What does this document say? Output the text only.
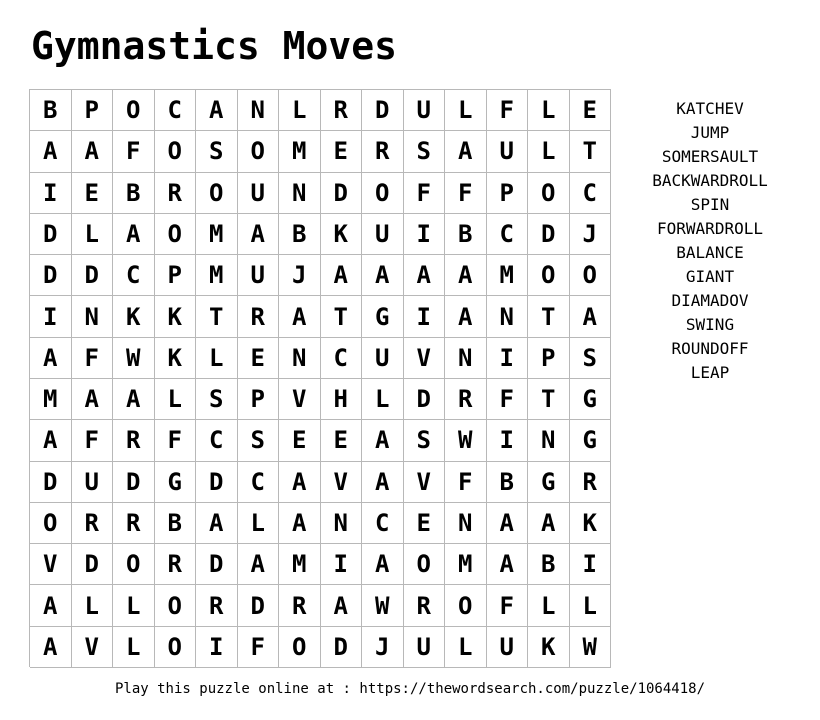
Gymnastics Moves
B	P	O	C	A	N	L	R	D	U	L	F	L	E
A	A	F	O	S	O	M	E	R	S	A	U	L	T
I	E	B	R	O	U	N	D	O	F	F	P	O	C
D	L	A	O	M	A	B	K	U	I	B	C	D	J
D	D	C	P	M	U	J	A	A	A	A	M	O	O
I	N	K	K	T	R	A	T	G	I	A	N	T	A
A	F	W	K	L	E	N	C	U	V	N	I	P	S
M	A	A	L	S	P	V	H	L	D	R	F	T	G
A	F	R	F	C	S	E	E	A	S	W	I	N	G
D	U	D	G	D	C	A	V	A	V	F	B	G	R
O	R	R	B	A	L	A	N	C	E	N	A	A	K
V	D	O	R	D	A	M	I	A	O	M	A	B	I
A	L	L	O	R	D	R	A	W	R	O	F	L	L
A	V	L	O	I	F	O	D	J	U	L	U	K	W
KATCHEV
JUMP
SOMERSAULT
BACKWARDROLL
SPIN
FORWARDROLL
BALANCE
GIANT
DIAMADOV
SWING
ROUNDOFF
LEAP
Play this puzzle online at : https://thewordsearch.com/puzzle/1064418/
